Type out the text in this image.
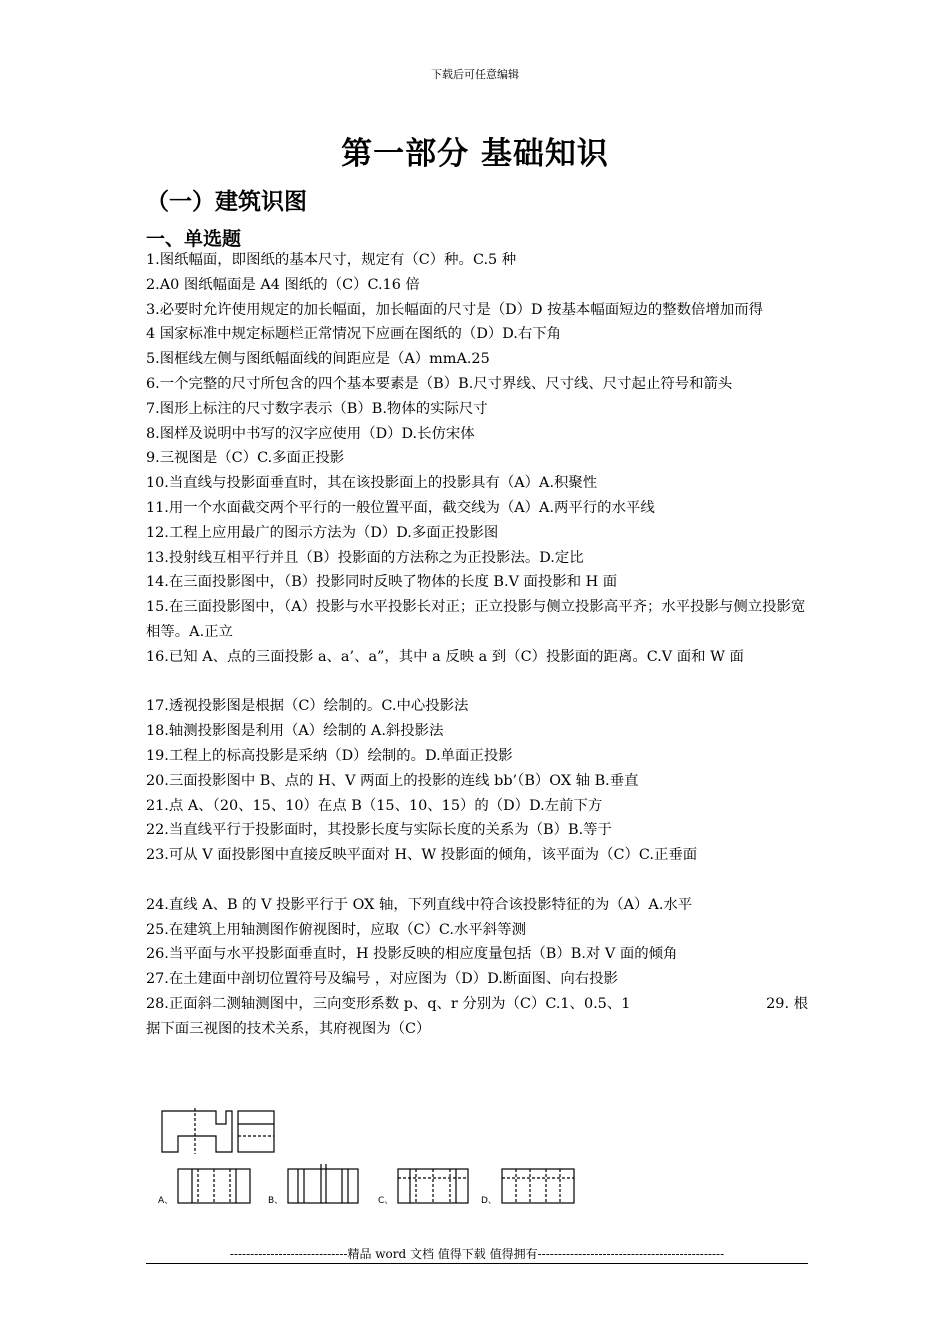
下载后可任意编辑
第一部分 基础知识
（一）建筑识图
一、单选题
1.图纸幅面，即图纸的基本尺寸，规定有（C）种。C.5 种
2.A0 图纸幅面是 A4 图纸的（C）C.16 倍
3.必要时允许使用规定的加长幅面，加长幅面的尺寸是（D）D 按基本幅面短边的整数倍增加而得
4 国家标准中规定标题栏正常情况下应画在图纸的（D）D.右下角
5.图框线左侧与图纸幅面线的间距应是（A）mmA.25
6.一个完整的尺寸所包含的四个基本要素是（B）B.尺寸界线、尺寸线、尺寸起止符号和箭头
7.图形上标注的尺寸数字表示（B）B.物体的实际尺寸
8.图样及说明中书写的汉字应使用（D）D.长仿宋体
9.三视图是（C）C.多面正投影
10.当直线与投影面垂直时，其在该投影面上的投影具有（A）A.积聚性
11.用一个水面截交两个平行的一般位置平面，截交线为（A）A.两平行的水平线
12.工程上应用最广的图示方法为（D）D.多面正投影图
13.投射线互相平行并且（B）投影面的方法称之为正投影法。D.定比
14.在三面投影图中，（B）投影同时反映了物体的长度 B.V 面投影和 H 面
15.在三面投影图中，（A）投影与水平投影长对正；正立投影与侧立投影高平齐；水平投影与侧立投影宽相等。A.正立
16.已知 A、点的三面投影 a、a’、a”，其中 a 反映 a 到（C）投影面的距离。C.V 面和 W 面
17.透视投影图是根据（C）绘制的。C.中心投影法
18.轴测投影图是利用（A）绘制的 A.斜投影法
19.工程上的标高投影是采纳（D）绘制的。D.单面正投影
20.三面投影图中 B、点的 H、V 两面上的投影的连线 bb’（B）OX 轴 B.垂直
21.点 A、（20、15、10）在点 B（15、10、15）的（D）D.左前下方
22.当直线平行于投影面时，其投影长度与实际长度的关系为（B）B.等于
23.可从 V 面投影图中直接反映平面对 H、W 投影面的倾角，该平面为（C）C.正垂面
24.直线 A、B 的 V 投影平行于 OX 轴，下列直线中符合该投影特征的为（A）A.水平
25.在建筑上用轴测图作俯视图时，应取（C）C.水平斜等测
26.当平面与水平投影面垂直时，H 投影反映的相应度量包括（B）B.对 V 面的倾角
27.在土建面中剖切位置符号及编号 ，对应图为（D）D.断面图、向右投影
28.正面斜二测轴测图中，三向变形系数 p、q、r 分别为（C）C.1、0.5、1	29. 根
据下面三视图的技术关系，其府视图为（C）
A、	B、	C、	D、
-----------------------------精品 word 文档 值得下载 值得拥有----------------------------------------------
